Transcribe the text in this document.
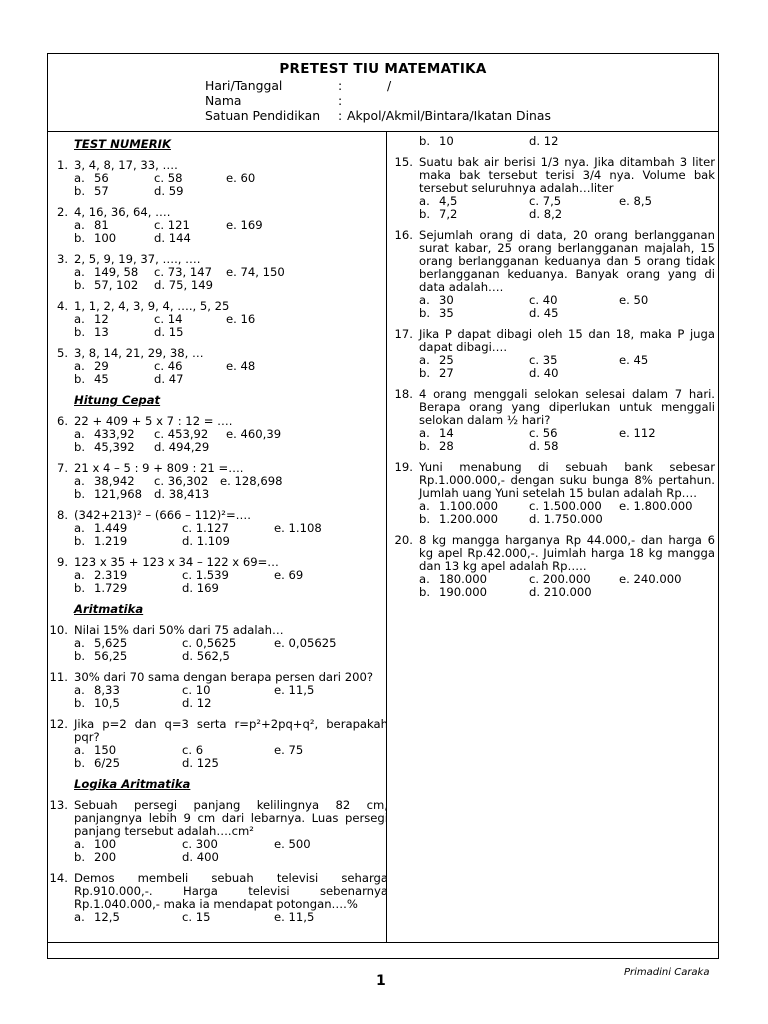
PRETEST TIU MATEMATIKA
Hari/Tanggal	:	/
Nama	:
Satuan Pendidikan : Akpol/Akmil/Bintara/Ikatan Dinas
TEST NUMERIK
1. 3, 4, 8, 17, 33, ….
a. 56	c. 58	e. 60
b. 57	d. 59
2. 4, 16, 36, 64, ….
a. 81	c. 121	e. 169
b. 100	d. 144
3. 2, 5, 9, 19, 37, …., ….
a. 149, 58 c. 73, 147 e. 74, 150
b. 57, 102 d. 75, 149
4. 1, 1, 2, 4, 3, 9, 4, …., 5, 25
a. 12	c. 14	e. 16
b. 13	d. 15
5. 3, 8, 14, 21, 29, 38, …
a. 29	c. 46	e. 48
b. 45	d. 47
Hitung Cepat
6. 22 + 409 + 5 x 7 : 12 = ….
a. 433,92 c. 453,92 e. 460,39
b. 45,392 d. 494,29
7. 21 x 4 – 5 : 9 + 809 : 21 =….
a. 38,942 c. 36,302 e. 128,698
b. 121,968 d. 38,413
8. (342+213)² – (666 – 112)²=….
a. 1.449	c. 1.127	e. 1.108
b. 1.219	d. 1.109
9. 123 x 35 + 123 x 34 – 122 x 69=…
a. 2.319	c. 1.539	e. 69
b. 1.729	d. 169
Aritmatika
10. Nilai 15% dari 50% dari 75 adalah…
a. 5,625	c. 0,5625	e. 0,05625
b. 56,25	d. 562,5
11. 30% dari 70 sama dengan berapa persen dari 200?
a. 8,33	c. 10	e. 11,5
b. 10,5	d. 12
12. Jika p=2 dan q=3 serta r=p²+2pq+q², berapakah pqr?
a. 150	c. 6	e. 75
b. 6/25	d. 125
Logika Aritmatika
13. Sebuah persegi panjang kelilingnya 82 cm, panjangnya lebih 9 cm dari lebarnya. Luas persegi panjang tersebut adalah….cm²
a. 100	c. 300	e. 500
b. 200	d. 400
14. Demos membeli sebuah televisi seharga Rp.910.000,-. Harga televisi sebenarnya Rp.1.040.000,- maka ia mendapat potongan….%
a. 12,5	c. 15	e. 11,5
b. 10	d. 12
15. Suatu bak air berisi 1/3 nya. Jika ditambah 3 liter maka bak tersebut terisi 3/4 nya. Volume bak tersebut seluruhnya adalah…liter
a. 4,5	c. 7,5	e. 8,5
b. 7,2	d. 8,2
16. Sejumlah orang di data, 20 orang berlangganan surat kabar, 25 orang berlangganan majalah, 15 orang berlangganan keduanya dan 5 orang tidak berlangganan keduanya. Banyak orang yang di data adalah….
a. 30	c. 40	e. 50
b. 35	d. 45
17. Jika P dapat dibagi oleh 15 dan 18, maka P juga dapat dibagi….
a. 25	c. 35	e. 45
b. 27	d. 40
18. 4 orang menggali selokan selesai dalam 7 hari. Berapa orang yang diperlukan untuk menggali selokan dalam ½ hari?
a. 14	c. 56	e. 112
b. 28	d. 58
19. Yuni menabung di sebuah bank sebesar Rp.1.000.000,- dengan suku bunga 8% pertahun. Jumlah uang Yuni setelah 15 bulan adalah Rp….
a. 1.100.000	c. 1.500.000 e. 1.800.000
b. 1.200.000	d. 1.750.000
20. 8 kg mangga harganya Rp 44.000,- dan harga 6 kg apel Rp.42.000,-. Juimlah harga 18 kg mangga dan 13 kg apel adalah Rp…..
a. 180.000	c. 200.000 e. 240.000
b. 190.000	d. 210.000
1
Primadini Caraka
